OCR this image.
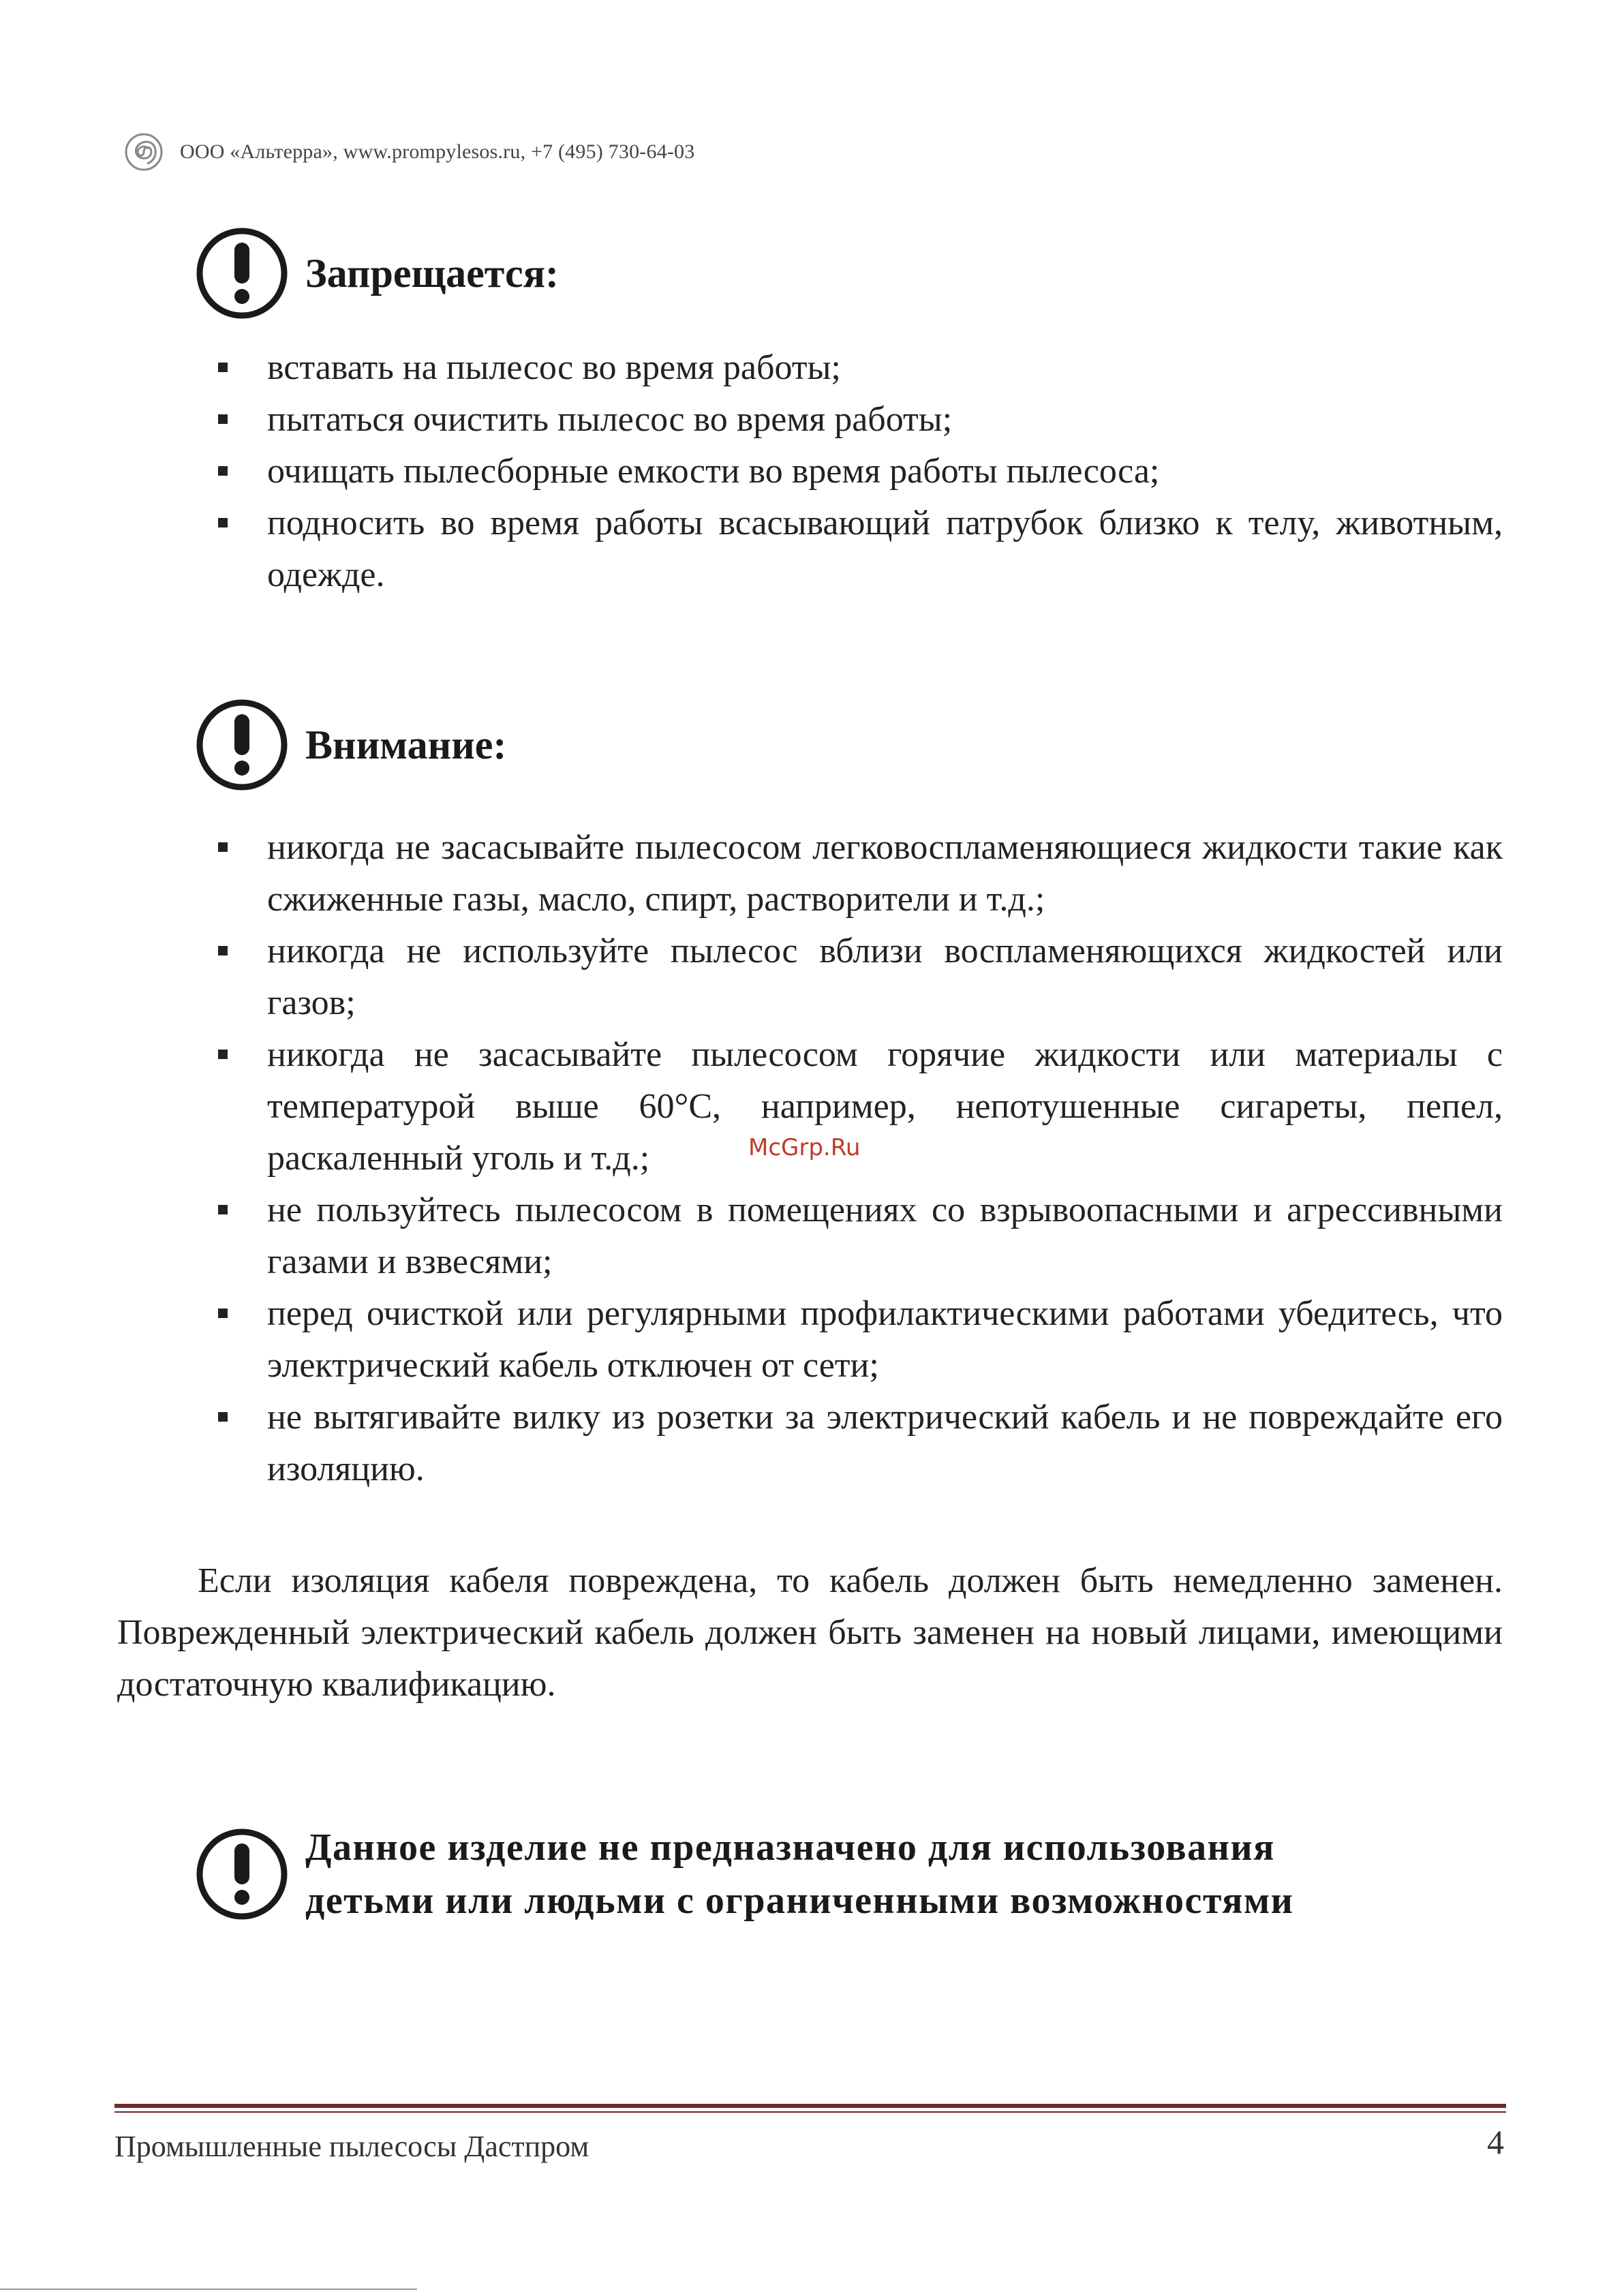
ООО «Альтерра», www.prompylesos.ru, +7 (495) 730-64-03
Запрещается:
вставать на пылесос во время работы;
пытаться очистить пылесос во время работы;
очищать пылесборные емкости во время работы пылесоса;
подносить во время работы всасывающий патрубок близко к телу, животным, одежде.
Внимание:
никогда не засасывайте пылесосом легковоспламеняющиеся жидкости такие как сжиженные газы, масло, спирт, растворители и т.д.;
никогда не используйте пылесос вблизи воспламеняющихся жидкостей или газов;
никогда не засасывайте пылесосом горячие жидкости или материалы с температурой выше 60°С, например, непотушенные сигареты, пепел, раскаленный уголь и т.д.;
не пользуйтесь пылесосом в помещениях со взрывоопасными и агрессивными газами и взвесями;
перед очисткой или регулярными профилактическими работами убедитесь, что электрический кабель отключен от сети;
не вытягивайте вилку из розетки за электрический кабель и не повреждайте его изоляцию.
McGrp.Ru
Если изоляция кабеля повреждена, то кабель должен быть немедленно заменен. Поврежденный электрический кабель должен быть заменен на новый лицами, имеющими достаточную квалификацию.
Данное изделие не предназначено для использования
детьми или людьми с ограниченными возможностями
Промышленные пылесосы Дастпром	4
